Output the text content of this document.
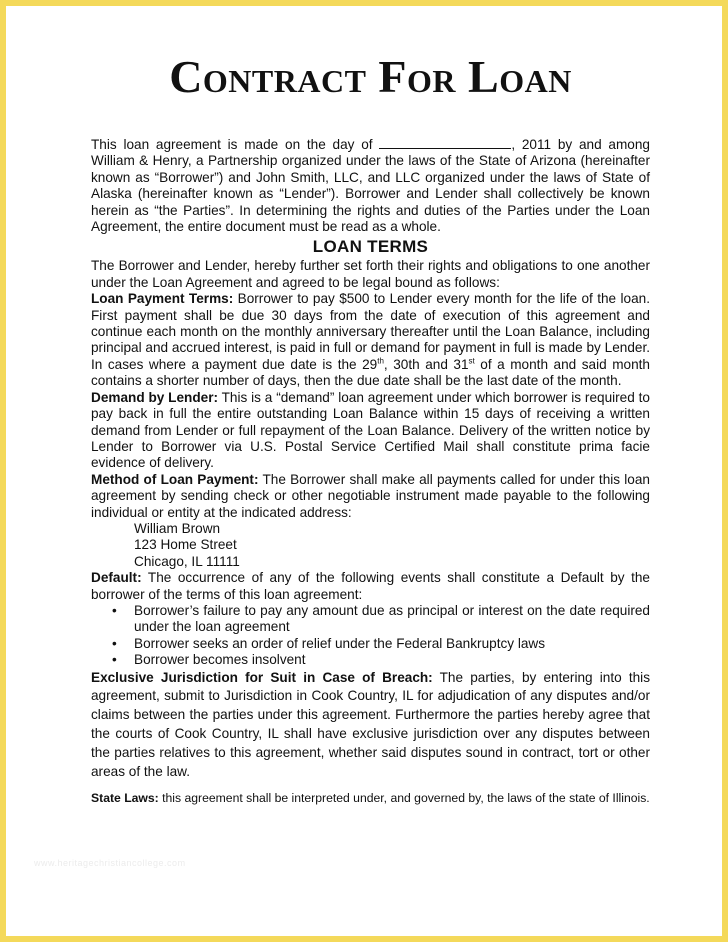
Contract For Loan

This loan agreement is made on the day of	, 2011 by and among William & Henry, a Partnership organized under the laws of the State of Arizona (hereinafter known as “Borrower”) and John Smith, LLC, and LLC organized under the laws of State of Alaska (hereinafter known as “Lender”). Borrower and Lender shall collectively be known herein as “the Parties”. In determining the rights and duties of the Parties under the Loan Agreement, the entire document must be read as a whole.

LOAN TERMS

The Borrower and Lender, hereby further set forth their rights and obligations to one another under the Loan Agreement and agreed to be legal bound as follows:

Loan Payment Terms: Borrower to pay $500 to Lender every month for the life of the loan. First payment shall be due 30 days from the date of execution of this agreement and continue each month on the monthly anniversary thereafter until the Loan Balance, including principal and accrued interest, is paid in full or demand for payment in full is made by Lender. In cases where a payment due date is the 29th, 30th and 31st of a month and said month contains a shorter number of days, then the due date shall be the last date of the month.

Demand by Lender: This is a “demand” loan agreement under which borrower is required to pay back in full the entire outstanding Loan Balance within 15 days of receiving a written demand from Lender or full repayment of the Loan Balance. Delivery of the written notice by Lender to Borrower via U.S. Postal Service Certified Mail shall constitute prima facie evidence of delivery.

Method of Loan Payment: The Borrower shall make all payments called for under this loan agreement by sending check or other negotiable instrument made payable to the following individual or entity at the indicated address:

William Brown
123 Home Street
Chicago, IL 11111

Default: The occurrence of any of the following events shall constitute a Default by the borrower of the terms of this loan agreement:

• Borrower’s failure to pay any amount due as principal or interest on the date required under the loan agreement
• Borrower seeks an order of relief under the Federal Bankruptcy laws
• Borrower becomes insolvent

Exclusive Jurisdiction for Suit in Case of Breach: The parties, by entering into this agreement, submit to Jurisdiction in Cook Country, IL for adjudication of any disputes and/or claims between the parties under this agreement. Furthermore the parties hereby agree that the courts of Cook Country, IL shall have exclusive jurisdiction over any disputes between the parties relatives to this agreement, whether said disputes sound in contract, tort or other areas of the law.

State Laws: this agreement shall be interpreted under, and governed by, the laws of the state of Illinois.

www.heritagechristiancollege.com
